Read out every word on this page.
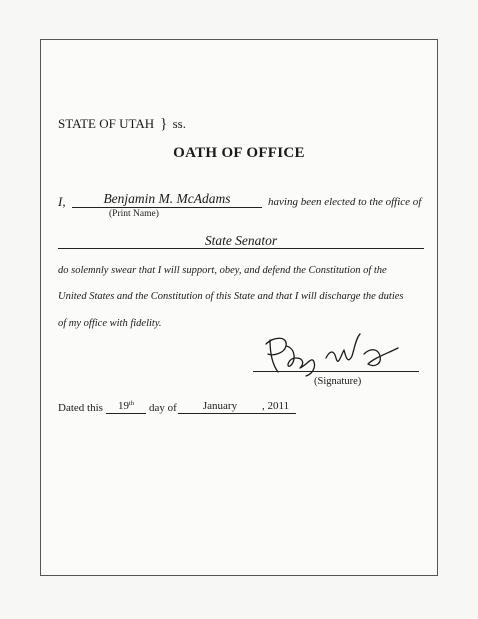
STATE OF UTAH } ss.
OATH OF OFFICE
I,	Benjamin M. McAdams	having been elected to the office of
(Print Name)
State Senator
do solemnly swear that I will support, obey, and defend the Constitution of the
United States and the Constitution of this State and that I will discharge the duties
of my office with fidelity.
(Signature)
Dated this	19th	day of	January	, 2011
